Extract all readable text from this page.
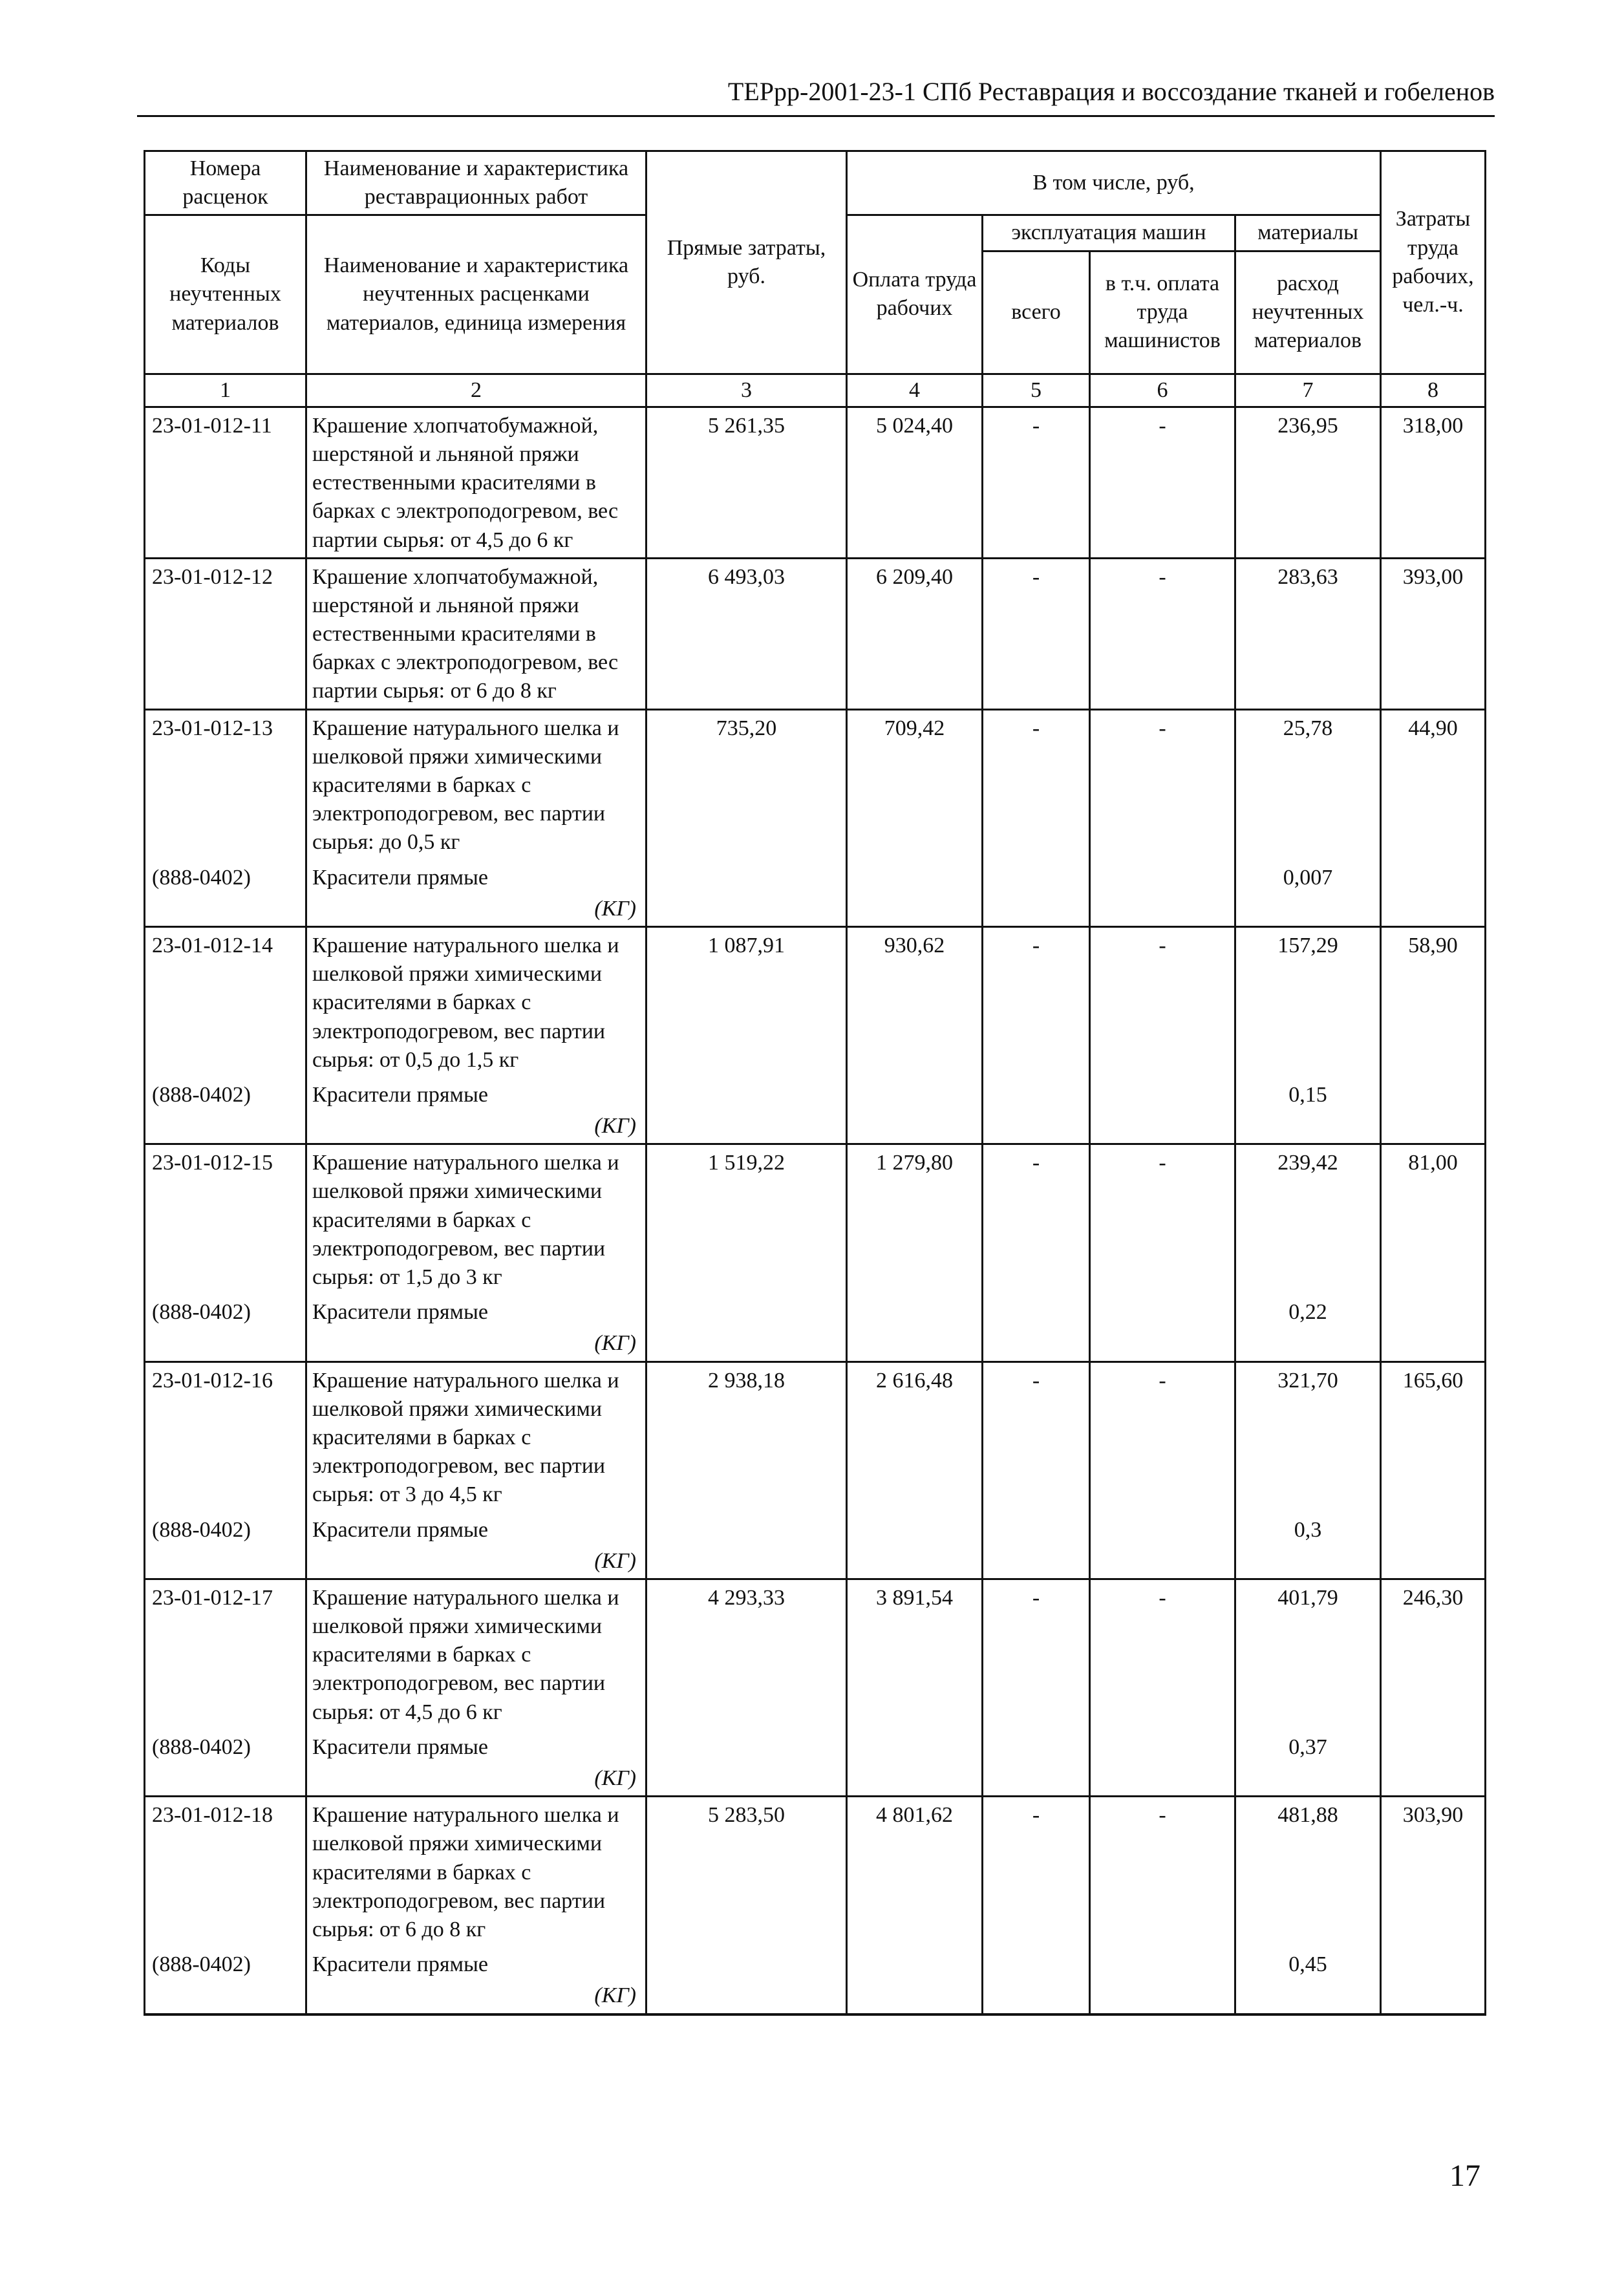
ТЕРрр-2001-23-1 СПб Реставрация и воссоздание тканей и гобеленов
Номера расценок	Наименование и характеристика реставрационных работ	Прямые затраты, руб.	В том числе, руб,				Затраты труда рабочих, чел.-ч.
Коды неучтенных материалов	Наименование и характеристика неучтенных расценками материалов, единица измерения		Оплата труда рабочих	эксплуатация машин		материалы	
				всего	в т.ч. оплата труда машинистов	расход неучтенных материалов	
1	2	3	4	5	6	7	8
23-01-012-11	Крашение хлопчатобумажной, шерстяной и льняной пряжи естественными красителями в барках с электроподогревом, вес партии сырья: от 4,5 до 6 кг	5 261,35	5 024,40	-	-	236,95	318,00
23-01-012-12	Крашение хлопчатобумажной, шерстяной и льняной пряжи естественными красителями в барках с электроподогревом, вес партии сырья: от 6 до 8 кг	6 493,03	6 209,40	-	-	283,63	393,00
23-01-012-13	Крашение натурального шелка и шелковой пряжи химическими красителями в барках с электроподогревом, вес партии сырья: до 0,5 кг	735,20	709,42	-	-	25,78	44,90
(888-0402)	Красители прямые					0,007	
	(КГ)						
23-01-012-14	Крашение натурального шелка и шелковой пряжи химическими красителями в барках с электроподогревом, вес партии сырья: от 0,5 до 1,5 кг	1 087,91	930,62	-	-	157,29	58,90
(888-0402)	Красители прямые					0,15	
	(КГ)						
23-01-012-15	Крашение натурального шелка и шелковой пряжи химическими красителями в барках с электроподогревом, вес партии сырья: от 1,5 до 3 кг	1 519,22	1 279,80	-	-	239,42	81,00
(888-0402)	Красители прямые					0,22	
	(КГ)						
23-01-012-16	Крашение натурального шелка и шелковой пряжи химическими красителями в барках с электроподогревом, вес партии сырья: от 3 до 4,5 кг	2 938,18	2 616,48	-	-	321,70	165,60
(888-0402)	Красители прямые					0,3	
	(КГ)						
23-01-012-17	Крашение натурального шелка и шелковой пряжи химическими красителями в барках с электроподогревом, вес партии сырья: от 4,5 до 6 кг	4 293,33	3 891,54	-	-	401,79	246,30
(888-0402)	Красители прямые					0,37	
	(КГ)						
23-01-012-18	Крашение натурального шелка и шелковой пряжи химическими красителями в барках с электроподогревом, вес партии сырья: от 6 до 8 кг	5 283,50	4 801,62	-	-	481,88	303,90
(888-0402)	Красители прямые					0,45	
	(КГ)						
17
